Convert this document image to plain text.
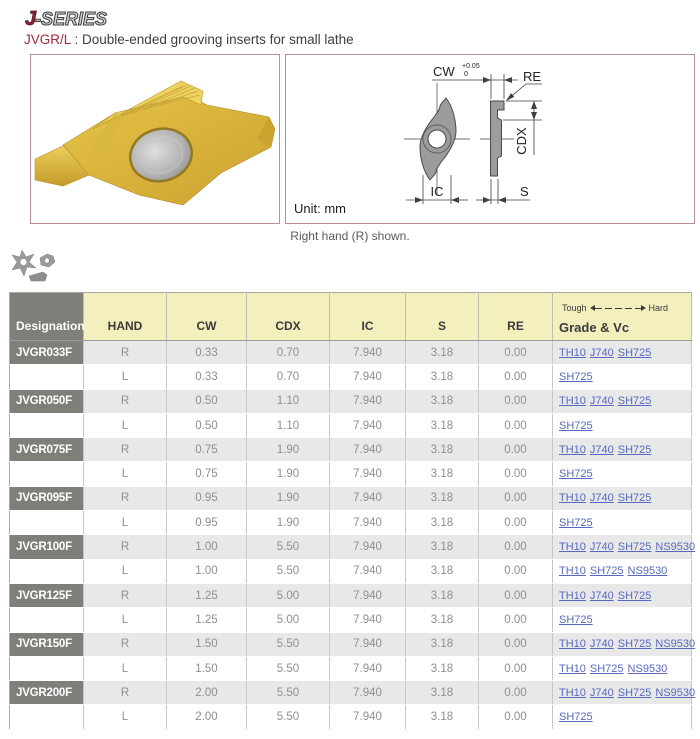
J
-SERIES
JVGR/L : Double-ended grooving inserts for small lathe
CW +0.05
0	RE
CDX
IC	S
Unit: mm
Right hand (R) shown.
Designation	HAND	CW	CDX	IC	S	RE	Tough Hard
Grade & Vc

JVGR033F	R	0.33	0.70	7.940	3.18	0.00	TH10 J740 SH725
JVGL033F	L	0.33	0.70	7.940	3.18	0.00	SH725
JVGR050F	R	0.50	1.10	7.940	3.18	0.00	TH10 J740 SH725
JVGL050F	L	0.50	1.10	7.940	3.18	0.00	SH725
JVGR075F	R	0.75	1.90	7.940	3.18	0.00	TH10 J740 SH725
JVGL075F	L	0.75	1.90	7.940	3.18	0.00	SH725
JVGR095F	R	0.95	1.90	7.940	3.18	0.00	TH10 J740 SH725
JVGL095F	L	0.95	1.90	7.940	3.18	0.00	SH725
JVGR100F	R	1.00	5.50	7.940	3.18	0.00	TH10 J740 SH725 NS9530
JVGL100F	L	1.00	5.50	7.940	3.18	0.00	TH10 SH725 NS9530
JVGR125F	R	1.25	5.00	7.940	3.18	0.00	TH10 J740 SH725
JVGL125F	L	1.25	5.00	7.940	3.18	0.00	SH725
JVGR150F	R	1.50	5.50	7.940	3.18	0.00	TH10 J740 SH725 NS9530
JVGL150F	L	1.50	5.50	7.940	3.18	0.00	TH10 SH725 NS9530
JVGR200F	R	2.00	5.50	7.940	3.18	0.00	TH10 J740 SH725 NS9530
JVGL200F	L	2.00	5.50	7.940	3.18	0.00	SH725
